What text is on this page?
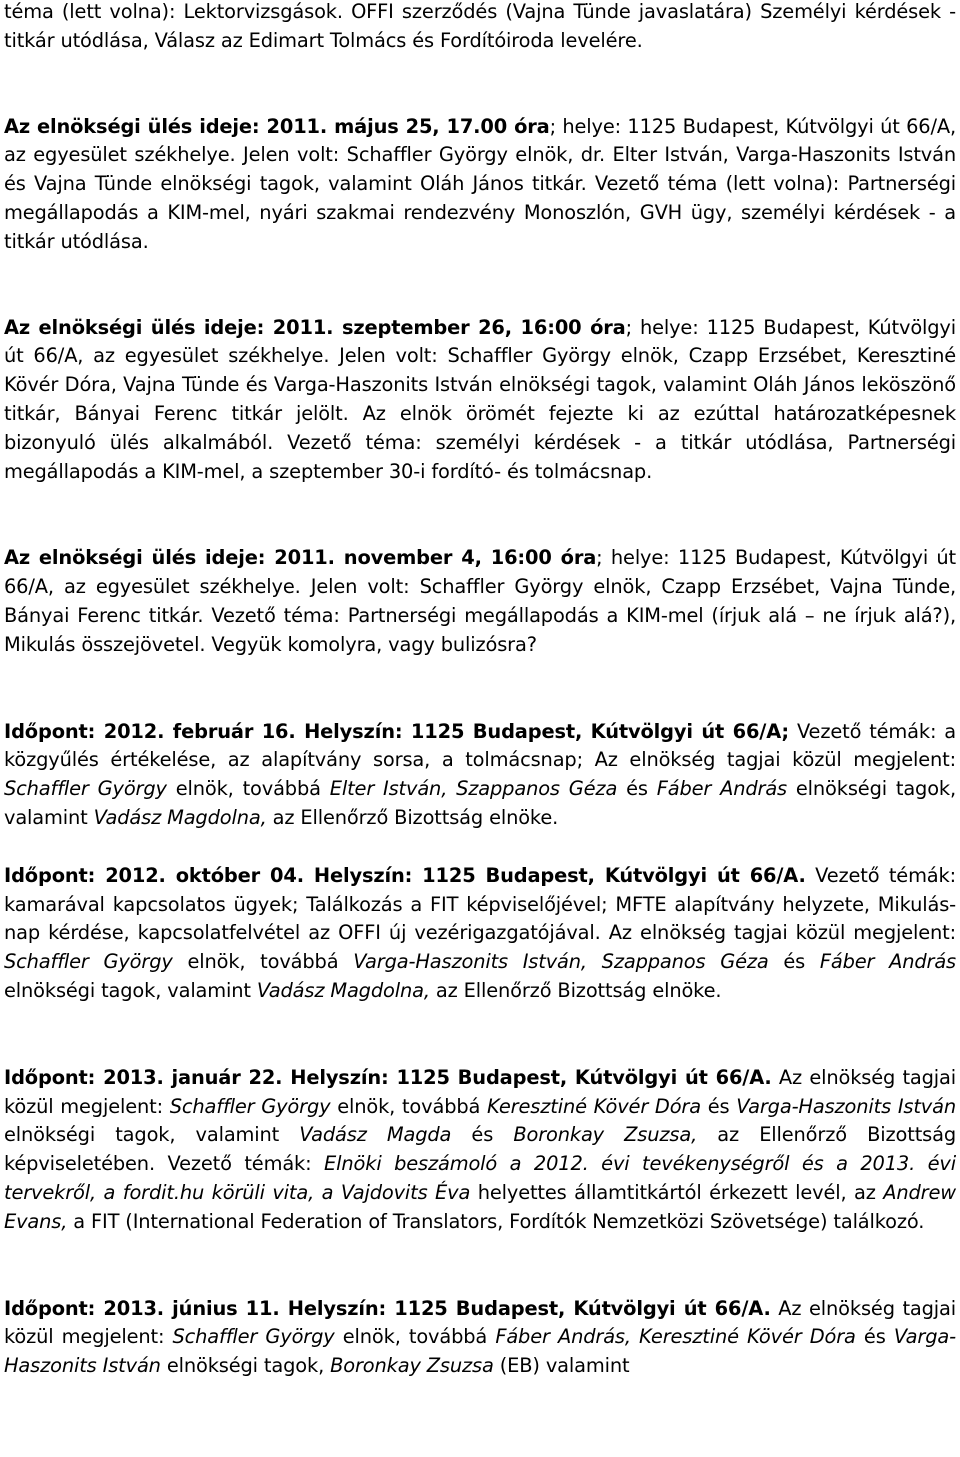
téma (lett volna): Lektorvizsgások. OFFI szerződés (Vajna Tünde javaslatára) Személyi kérdések - titkár utódlása, Válasz az Edimart Tolmács és Fordítóiroda levelére.

Az elnökségi ülés ideje: 2011. május 25, 17.00 óra; helye: 1125 Budapest, Kútvölgyi út 66/A, az egyesület székhelye. Jelen volt: Schaffler György elnök, dr. Elter István, Varga-Haszonits István és Vajna Tünde elnökségi tagok, valamint Oláh János titkár. Vezető téma (lett volna): Partnerségi megállapodás a KIM-mel, nyári szakmai rendezvény Monoszlón, GVH ügy, személyi kérdések - a titkár utódlása.

Az elnökségi ülés ideje: 2011. szeptember 26, 16:00 óra; helye: 1125 Budapest, Kútvölgyi út 66/A, az egyesület székhelye. Jelen volt: Schaffler György elnök, Czapp Erzsébet, Keresztiné Kövér Dóra, Vajna Tünde és Varga-Haszonits István elnökségi tagok, valamint Oláh János leköszönő titkár, Bányai Ferenc titkár jelölt. Az elnök örömét fejezte ki az ezúttal határozatképesnek bizonyuló ülés alkalmából. Vezető téma: személyi kérdések - a titkár utódlása, Partnerségi megállapodás a KIM-mel, a szeptember 30-i fordító- és tolmácsnap.

Az elnökségi ülés ideje: 2011. november 4, 16:00 óra; helye: 1125 Budapest, Kútvölgyi út 66/A, az egyesület székhelye. Jelen volt: Schaffler György elnök, Czapp Erzsébet, Vajna Tünde, Bányai Ferenc titkár. Vezető téma: Partnerségi megállapodás a KIM-mel (írjuk alá – ne írjuk alá?), Mikulás összejövetel. Vegyük komolyra, vagy bulizósra?

Időpont: 2012. február 16. Helyszín: 1125 Budapest, Kútvölgyi út 66/A; Vezető témák: a közgyűlés értékelése, az alapítvány sorsa, a tolmácsnap; Az elnökség tagjai közül megjelent: Schaffler György elnök, továbbá Elter István, Szappanos Géza és Fáber András elnökségi tagok, valamint Vadász Magdolna, az Ellenőrző Bizottság elnöke.

Időpont: 2012. október 04. Helyszín: 1125 Budapest, Kútvölgyi út 66/A. Vezető témák: kamarával kapcsolatos ügyek; Találkozás a FIT képviselőjével; MFTE alapítvány helyzete, Mikulás-nap kérdése, kapcsolatfelvétel az OFFI új vezérigazgatójával. Az elnökség tagjai közül megjelent: Schaffler György elnök, továbbá Varga-Haszonits István, Szappanos Géza és Fáber András elnökségi tagok, valamint Vadász Magdolna, az Ellenőrző Bizottság elnöke.

Időpont: 2013. január 22. Helyszín: 1125 Budapest, Kútvölgyi út 66/A. Az elnökség tagjai közül megjelent: Schaffler György elnök, továbbá Keresztiné Kövér Dóra és Varga-Haszonits István elnökségi tagok, valamint Vadász Magda és Boronkay Zsuzsa, az Ellenőrző Bizottság képviseletében. Vezető témák: Elnöki beszámoló a 2012. évi tevékenységről és a 2013. évi tervekről, a fordit.hu körüli vita, a Vajdovits Éva helyettes államtitkártól érkezett levél, az Andrew Evans, a FIT (International Federation of Translators, Fordítók Nemzetközi Szövetsége) találkozó.

Időpont: 2013. június 11. Helyszín: 1125 Budapest, Kútvölgyi út 66/A. Az elnökség tagjai közül megjelent: Schaffler György elnök, továbbá Fáber András, Keresztiné Kövér Dóra és Varga-Haszonits István elnökségi tagok, Boronkay Zsuzsa (EB) valamint
